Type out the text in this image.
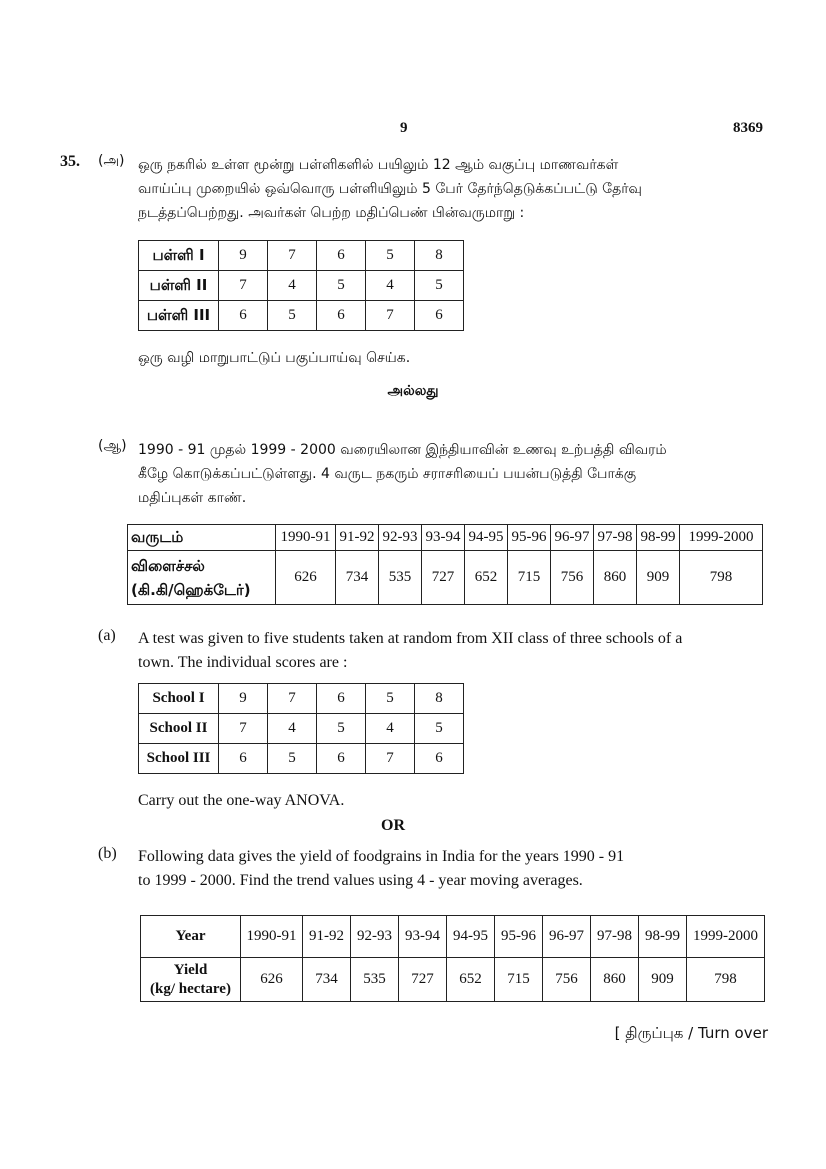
9	8369
35. (அ) ஒரு நகரில் உள்ள மூன்று பள்ளிகளில் பயிலும் 12 ஆம் வகுப்பு மாணவர்கள்
வாய்ப்பு முறையில் ஒவ்வொரு பள்ளியிலும் 5 பேர் தேர்ந்தெடுக்கப்பட்டு தேர்வு
நடத்தப்பெற்றது. அவர்கள் பெற்ற மதிப்பெண் பின்வருமாறு :
பள்ளி I	9	7	6	5	8
பள்ளி II	7	4	5	4	5
பள்ளி III	6	5	6	7	6
ஒரு வழி மாறுபாட்டுப் பகுப்பாய்வு செய்க.
அல்லது
(ஆ) 1990 - 91 முதல் 1999 - 2000 வரையிலான இந்தியாவின் உணவு உற்பத்தி விவரம்
கீழே கொடுக்கப்பட்டுள்ளது. 4 வருட நகரும் சராசரியைப் பயன்படுத்தி போக்கு
மதிப்புகள் காண்.
வருடம்	1990-91	91-92	92-93	93-94	94-95	95-96	96-97	97-98	98-99	1999-2000

விளைச்சல்
(கி.கி/ஹெக்டேர்)	626	734	535	727	652	715	756	860	909	798
(a) A test was given to five students taken at random from XII class of three schools of a
town. The individual scores are :
School I	9	7	6	5	8
School II	7	4	5	4	5
School III	6	5	6	7	6
Carry out the one-way ANOVA.
OR
(b) Following data gives the yield of foodgrains in India for the years 1990 - 91
to 1999 - 2000. Find the trend values using 4 - year moving averages.
Year	1990-91	91-92	92-93	93-94	94-95	95-96	96-97	97-98	98-99	1999-2000

Yield
(kg/ hectare)	626	734	535	727	652	715	756	860	909	798
[ திருப்புக / Turn over
